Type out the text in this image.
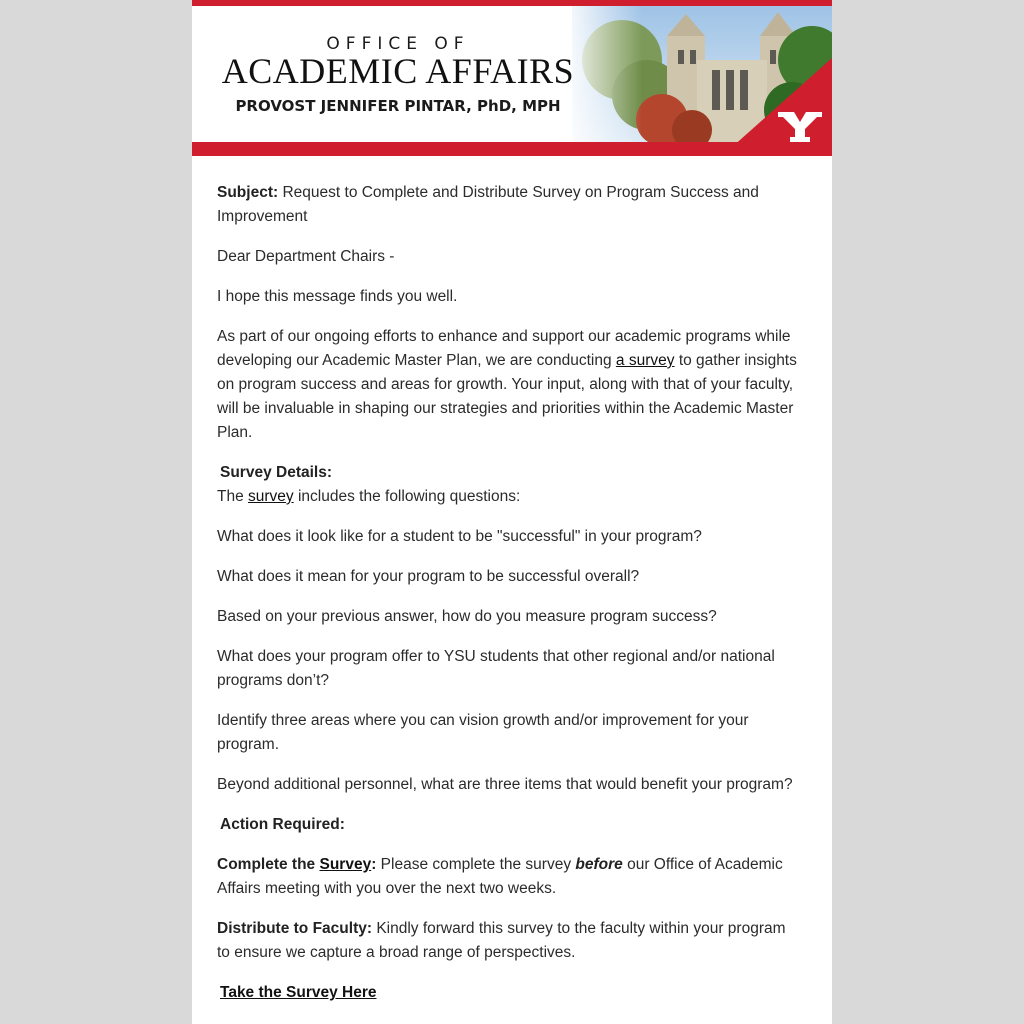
OFFICE OF
ACADEMIC AFFAIRS
PROVOST JENNIFER PINTAR, PhD, MPH

Subject: Request to Complete and Distribute Survey on Program Success and Improvement

Dear Department Chairs -

I hope this message finds you well.

As part of our ongoing efforts to enhance and support our academic programs while developing our Academic Master Plan, we are conducting a survey to gather insights on program success and areas for growth. Your input, along with that of your faculty, will be invaluable in shaping our strategies and priorities within the Academic Master Plan.

Survey Details:
The survey includes the following questions:

What does it look like for a student to be "successful" in your program?

What does it mean for your program to be successful overall?

Based on your previous answer, how do you measure program success?

What does your program offer to YSU students that other regional and/or national programs don’t?

Identify three areas where you can vision growth and/or improvement for your program.

Beyond additional personnel, what are three items that would benefit your program?

Action Required:

Complete the Survey: Please complete the survey before our Office of Academic Affairs meeting with you over the next two weeks.

Distribute to Faculty: Kindly forward this survey to the faculty within your program to ensure we capture a broad range of perspectives.

Take the Survey Here
